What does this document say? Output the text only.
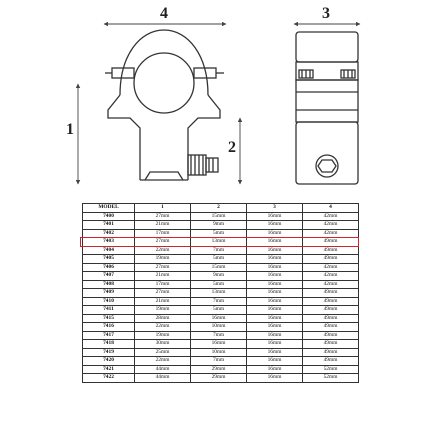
4	3
1
2
MODEL	1	2	3	4
7400	27mm	15mm	16mm	42mm
7401	21mm	9mm	16mm	42mm
7402	17mm	5mm	16mm	42mm
7403	27mm	13mm	16mm	49mm
7404	22mm	7mm	16mm	49mm
7405	19mm	5mm	16mm	49mm
7406	27mm	15mm	16mm	42mm
7407	21mm	9mm	16mm	42mm
7408	17mm	5mm	16mm	42mm
7409	27mm	13mm	16mm	49mm
7410	21mm	7mm	16mm	49mm
7411	19mm	5mm	16mm	49mm
7415	28mm	16mm	16mm	49mm
7416	22mm	10mm	16mm	49mm
7417	19mm	7mm	16mm	49mm
7418	30mm	16mm	16mm	49mm
7419	25mm	10mm	16mm	49mm
7420	22mm	7mm	16mm	49mm
7421	44mm	29mm	16mm	52mm
7422	44mm	29mm	16mm	52mm
